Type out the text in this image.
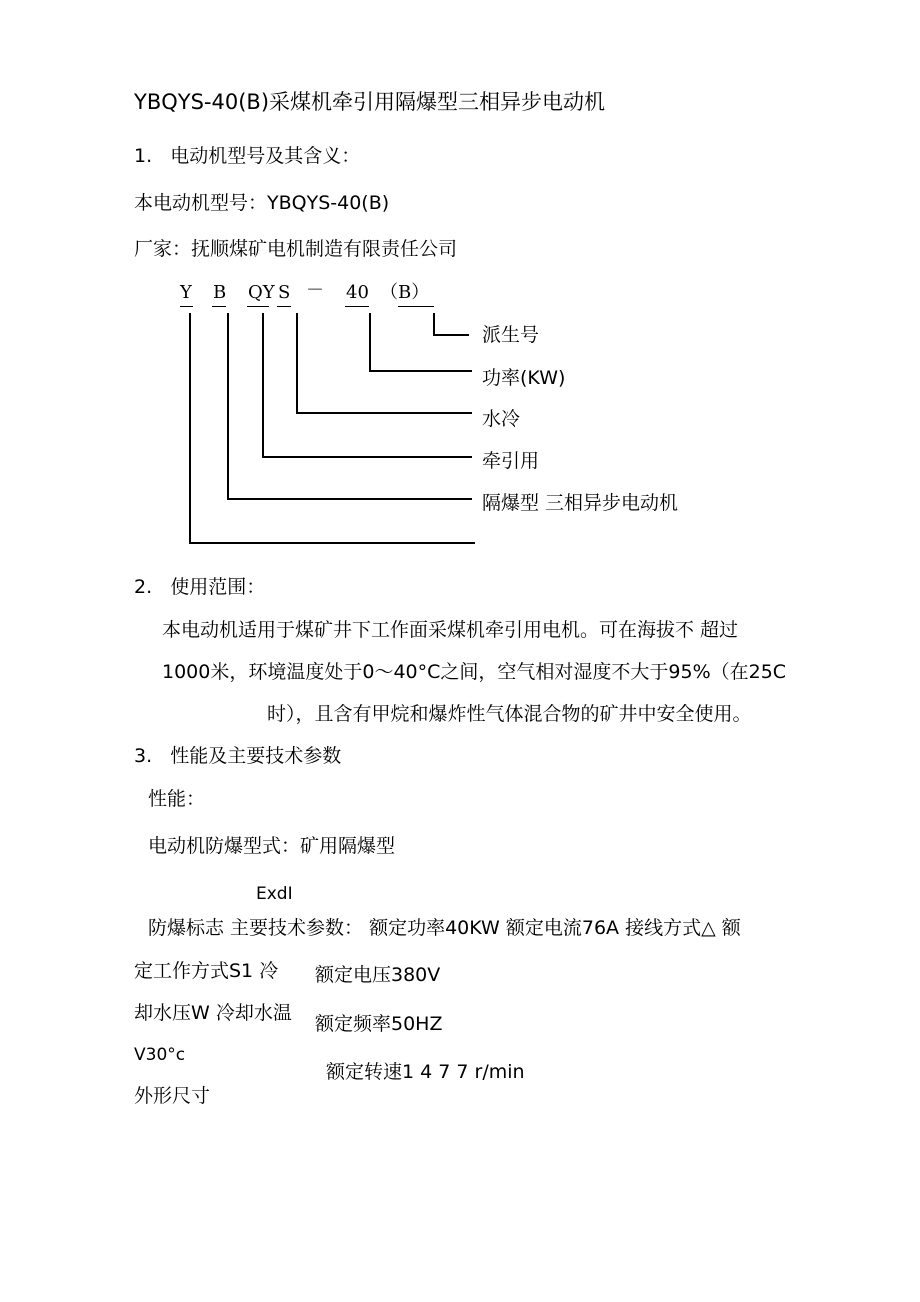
YBQYS-40(B)采煤机牵引用隔爆型三相异步电动机
1.   电动机型号及其含义：
本电动机型号：YBQYS-40(B)
厂家：抚顺煤矿电机制造有限责任公司
Y B QY S － 40 （B）
派生号
功率(KW)
水冷
牵引用
隔爆型 三相异步电动机
2.   使用范围：
本电动机适用于煤矿井下工作面采煤机牵引用电机。可在海拔不 超过
1000米，环境温度处于0〜40°C之间，空气相对湿度不大于95%（在25C
时），且含有甲烷和爆炸性气体混合物的矿井中安全使用。
3.   性能及主要技术参数
性能：
电动机防爆型式：矿用隔爆型
ExdI
防爆标志 主要技术参数： 额定功率40KW 额定电流76A 接线方式△ 额
定工作方式S1 冷 额定电压380V
却水压W 冷却水温 额定频率50HZ
V30°c
额定转速1 4 7 7 r/min
外形尺寸
